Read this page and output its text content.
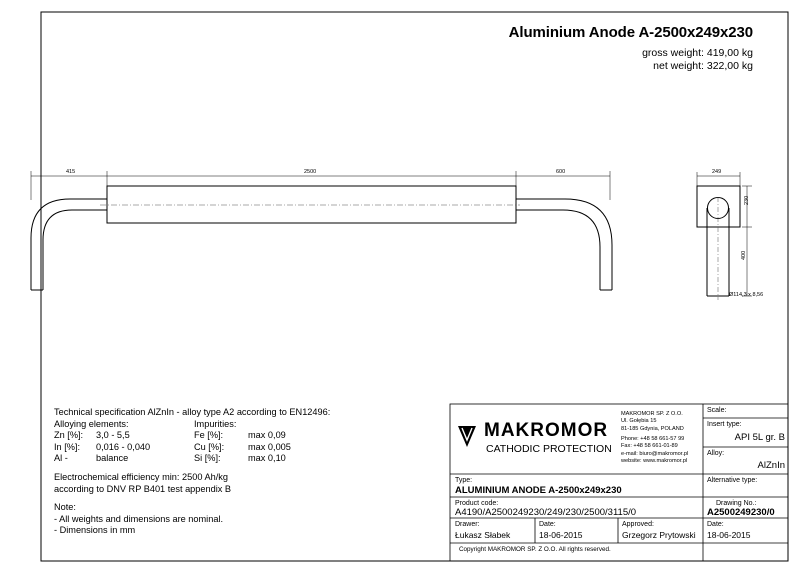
415	2500	600	249
230
400
Ø114,3 x 8,56
Aluminium Anode A-2500x249x230
gross weight: 419,00 kg
net weight: 322,00 kg
Technical specification AlZnIn - alloy type A2 according to EN12496:
Alloying elements:	Impurities:
Zn [%]: 3,0 - 5,5	Fe [%]:	max 0,09
In [%]: 0,016 - 0,040	Cu [%]:	max 0,005
Al -	balance	Si [%]:	max 0,10
Electrochemical efficiency min: 2500 Ah/kg
according to DNV RP B401 test appendix B
Note:
- All weights and dimensions are nominal.
- Dimensions in mm
MAKROMOR
CATHODIC PROTECTION
MAKROMOR SP. Z O.O.
Ul. Gołębia 15
81-185 Gdynia, POLAND
Phone: +48 58 661-57 99
Fax: +48 58 661-01-89
e-mail: biuro@makromor.pl
website: www.makromor.pl
Scale:
Insert type:
API 5L gr. B
Alloy:
AlZnIn
Type:
ALUMINIUM ANODE A-2500x249x230
Alternative type:
Product code:
A4190/A2500249230/249/230/2500/3115/0
Drawing No.:
A2500249230/0
Drawer:
Łukasz Słabek
Date:
18-06-2015
Approved:
Grzegorz Prytowski
Date:
18-06-2015
Copyright MAKROMOR SP. Z O.O. All rights reserved.
